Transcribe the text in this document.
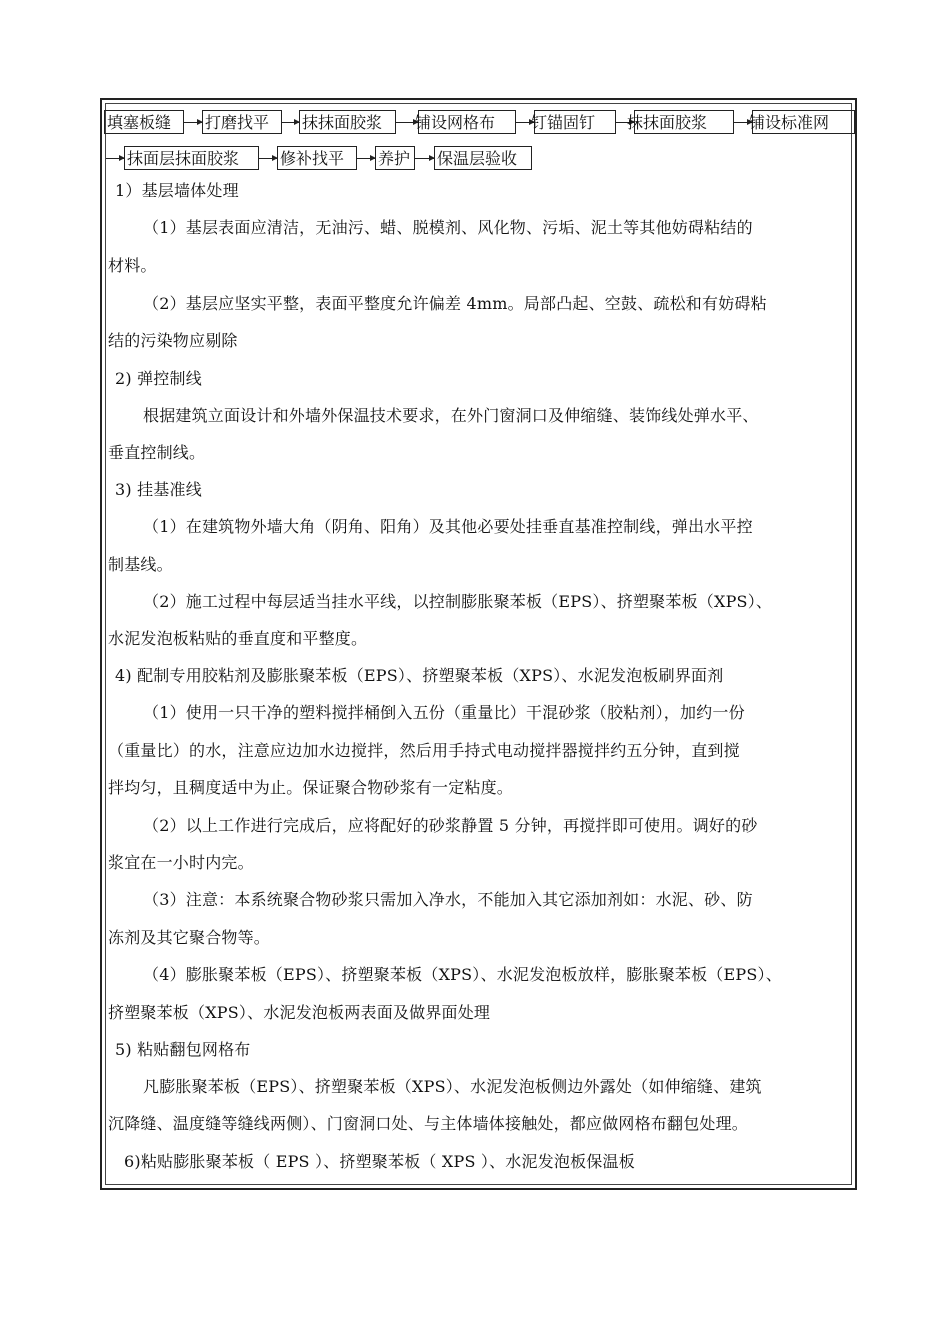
填塞板缝	打磨找平	抹抹面胶浆	铺设网格布	钉锚固钉	抹抹面胶浆	铺设标准网
抹面层抹面胶浆	修补找平	养护	保温层验收
1）基层墙体处理
（1）基层表面应清洁，无油污、蜡、脱模剂、风化物、污垢、泥土等其他妨碍粘结的
材料。
（2）基层应坚实平整，表面平整度允许偏差 4mm。局部凸起、空鼓、疏松和有妨碍粘
结的污染物应剔除
2) 弹控制线
根据建筑立面设计和外墙外保温技术要求，在外门窗洞口及伸缩缝、装饰线处弹水平、
垂直控制线。
3) 挂基准线
（1）在建筑物外墙大角（阴角、阳角）及其他必要处挂垂直基准控制线，弹出水平控
制基线。
（2）施工过程中每层适当挂水平线，以控制膨胀聚苯板（EPS）、挤塑聚苯板（XPS）、
水泥发泡板粘贴的垂直度和平整度。
4) 配制专用胶粘剂及膨胀聚苯板（EPS）、挤塑聚苯板（XPS）、水泥发泡板刷界面剂
（1）使用一只干净的塑料搅拌桶倒入五份（重量比）干混砂浆（胶粘剂），加约一份
（重量比）的水，注意应边加水边搅拌，然后用手持式电动搅拌器搅拌约五分钟，直到搅
拌均匀，且稠度适中为止。保证聚合物砂浆有一定粘度。
（2）以上工作进行完成后，应将配好的砂浆静置 5 分钟，再搅拌即可使用。调好的砂
浆宜在一小时内完。
（3）注意：本系统聚合物砂浆只需加入净水，不能加入其它添加剂如：水泥、砂、防
冻剂及其它聚合物等。
（4）膨胀聚苯板（EPS）、挤塑聚苯板（XPS）、水泥发泡板放样，膨胀聚苯板（EPS）、
挤塑聚苯板（XPS）、水泥发泡板两表面及做界面处理
5) 粘贴翻包网格布
凡膨胀聚苯板（EPS）、挤塑聚苯板（XPS）、水泥发泡板侧边外露处（如伸缩缝、建筑
沉降缝、温度缝等缝线两侧）、门窗洞口处、与主体墙体接触处，都应做网格布翻包处理。
6)粘贴膨胀聚苯板（ EPS ）、挤塑聚苯板（ XPS ）、水泥发泡板保温板
